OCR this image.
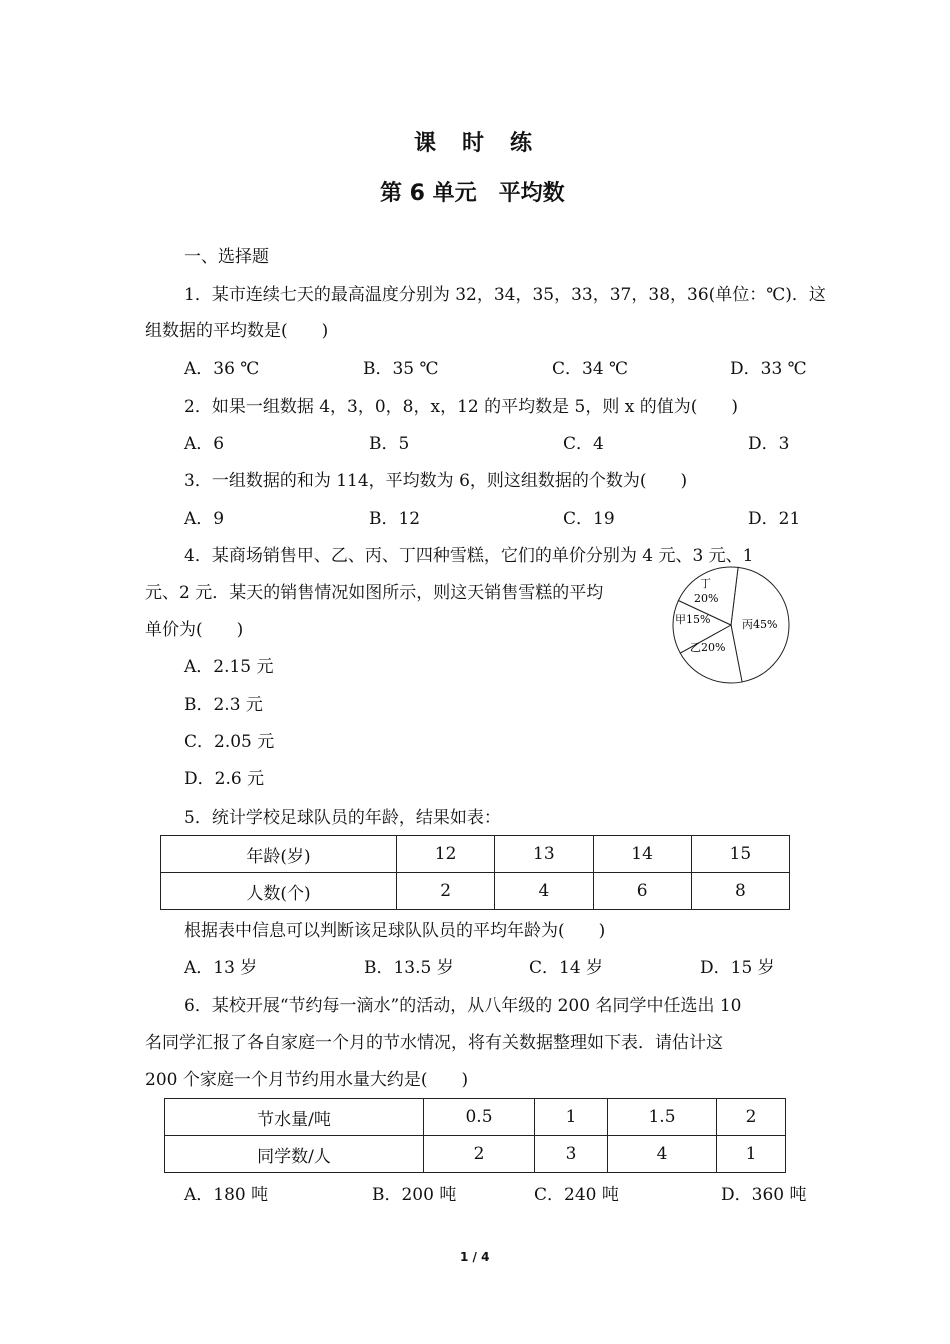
课　时　练
第 6 单元　平均数
一、选择题
1．某市连续七天的最高温度分别为 32，34，35，33，37，38，36(单位：℃)．这
组数据的平均数是(　　)
A．36 ℃	B．35 ℃	C．34 ℃	D．33 ℃
2．如果一组数据 4，3，0，8，x，12 的平均数是 5，则 x 的值为(　　)
A．6	B．5	C．4	D．3
3．一组数据的和为 114，平均数为 6，则这组数据的个数为(　　)
A．9	B．12	C．19	D．21
4．某商场销售甲、乙、丙、丁四种雪糕，它们的单价分别为 4 元、3 元、1
元、2 元．某天的销售情况如图所示，则这天销售雪糕的平均
单价为(　　)
A．2.15 元
B．2.3 元
C．2.05 元
D．2.6 元
丁
20%
甲15%
乙20%
丙45%
5．统计学校足球队员的年龄，结果如表：
年龄(岁)	12	13	14	15
人数(个)	2	4	6	8
根据表中信息可以判断该足球队队员的平均年龄为(　　)
A．13 岁	B．13.5 岁	C．14 岁	D．15 岁
6．某校开展“节约每一滴水”的活动，从八年级的 200 名同学中任选出 10
名同学汇报了各自家庭一个月的节水情况，将有关数据整理如下表．请估计这
200 个家庭一个月节约用水量大约是(　　)
节水量/吨	0.5	1	1.5	2
同学数/人	2	3	4	1
A．180 吨	B．200 吨	C．240 吨	D．360 吨
1 / 4
